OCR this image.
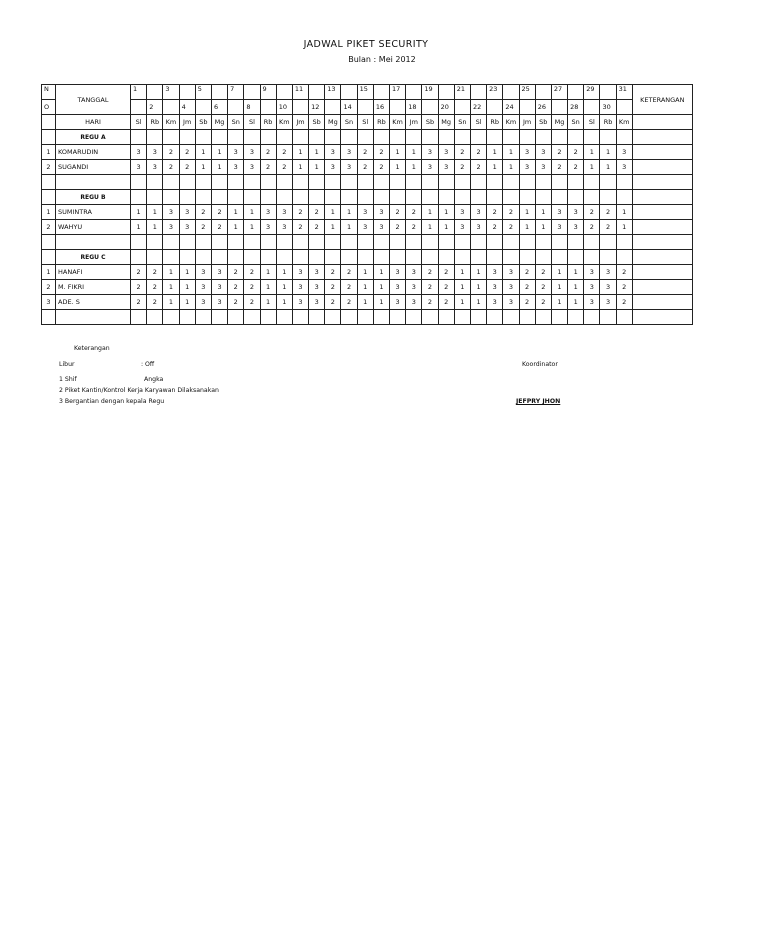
JADWAL PIKET SECURITY
Bulan : Mei 2012
N	TANGGAL	1		3		5		7		9		11		13		15		17		19		21		23		25		27		29		31	KETERANGAN
O			2		4		6		8		10		12		14		16		18		20		22		24		26		28		30		
	HARI	Sl	Rb	Km	Jm	Sb	Mg	Sn	Sl	Rb	Km	Jm	Sb	Mg	Sn	Sl	Rb	Km	Jm	Sb	Mg	Sn	Sl	Rb	Km	Jm	Sb	Mg	Sn	Sl	Rb	Km	
	REGU A																																
1	KOMARUDIN	3	3	2	2	1	1	3	3	2	2	1	1	3	3	2	2	1	1	3	3	2	2	1	1	3	3	2	2	1	1	3	
2	SUGANDI	3	3	2	2	1	1	3	3	2	2	1	1	3	3	2	2	1	1	3	3	2	2	1	1	3	3	2	2	1	1	3	

	REGU B																																
1	SUMINTRA	1	1	3	3	2	2	1	1	3	3	2	2	1	1	3	3	2	2	1	1	3	3	2	2	1	1	3	3	2	2	1	
2	WAHYU	1	1	3	3	2	2	1	1	3	3	2	2	1	1	3	3	2	2	1	1	3	3	2	2	1	1	3	3	2	2	1	

	REGU C																																
1	HANAFI	2	2	1	1	3	3	2	2	1	1	3	3	2	2	1	1	3	3	2	2	1	1	3	3	2	2	1	1	3	3	2	
2	M. FIKRI	2	2	1	1	3	3	2	2	1	1	3	3	2	2	1	1	3	3	2	2	1	1	3	3	2	2	1	1	3	3	2	
3	ADE. S	2	2	1	1	3	3	2	2	1	1	3	3	2	2	1	1	3	3	2	2	1	1	3	3	2	2	1	1	3	3	2	

Keterangan
Libur	: Off
1 Shif	Angka
2 Piket Kantin/Kontrol Kerja Karyawan Dilaksanakan
3 Bergantian dengan kepala Regu
Koordinator
JEFPRY JHON
